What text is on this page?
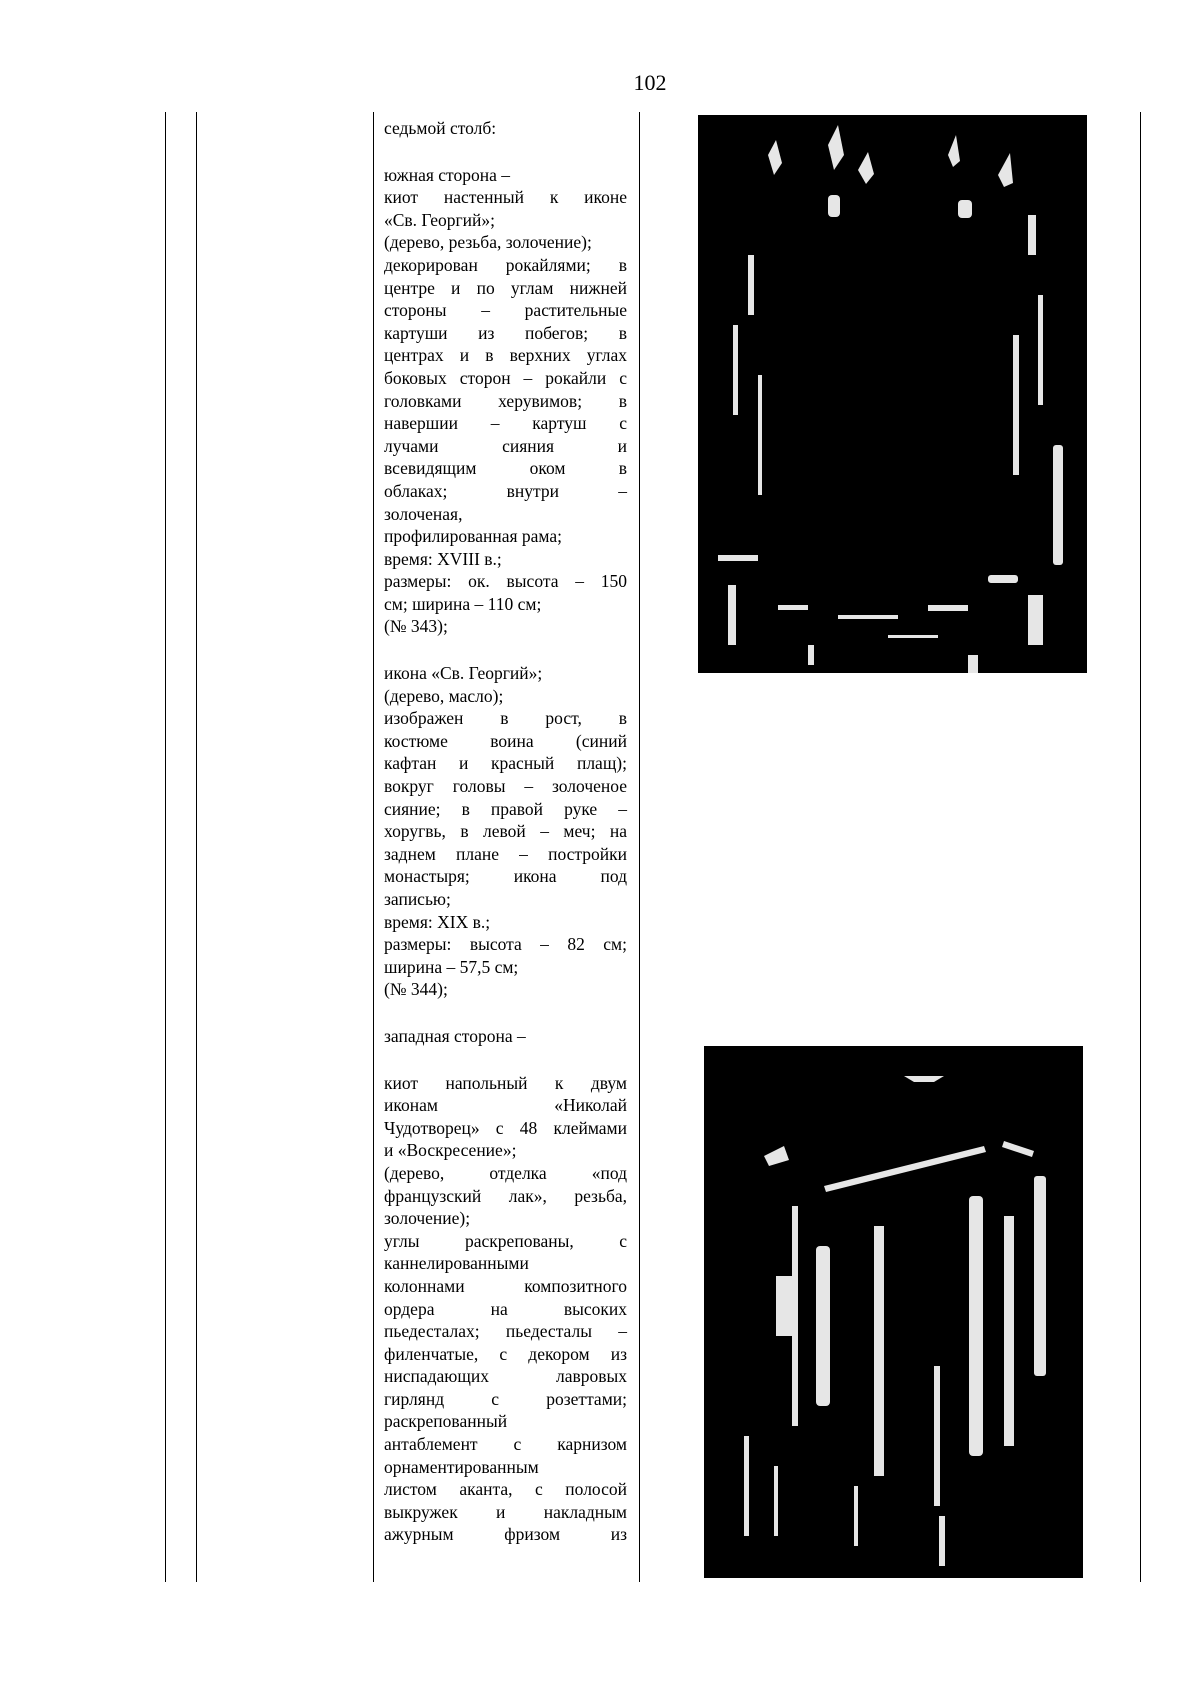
102
седьмой столб:
южная сторона –
киот настенный к иконе
«Св. Георгий»;
(дерево, резьба, золочение);
декорирован рокайлями; в
центре и по углам нижней
стороны – растительные
картуши из побегов; в
центрах и в верхних углах
боковых сторон – рокайли с
головками херувимов; в
навершии – картуш с
лучами сияния и
всевидящим оком в
облаках; внутри –
золоченая,
профилированная рама;
время: XVIII в.;
размеры: ок. высота – 150
см; ширина – 110 см;
(№ 343);
икона «Св. Георгий»;
(дерево, масло);
изображен в рост, в
костюме воина (синий
кафтан и красный плащ);
вокруг головы – золоченое
сияние; в правой руке –
хоругвь, в левой – меч; на
заднем плане – постройки
монастыря; икона под
записью;
время: XIX в.;
размеры: высота – 82 см;
ширина – 57,5 см;
(№ 344);
западная сторона –
киот напольный к двум
иконам «Николай
Чудотворец» с 48 клеймами
и «Воскресение»;
(дерево, отделка «под
французский лак», резьба,
золочение);
углы раскрепованы, с
каннелированными
колоннами композитного
ордера на высоких
пьедесталах; пьедесталы –
филенчатые, с декором из
ниспадающих лавровых
гирлянд с розеттами;
раскрепованный
антаблемент с карнизом
орнаментированным
листом аканта, с полосой
выкружек и накладным
ажурным фризом из
